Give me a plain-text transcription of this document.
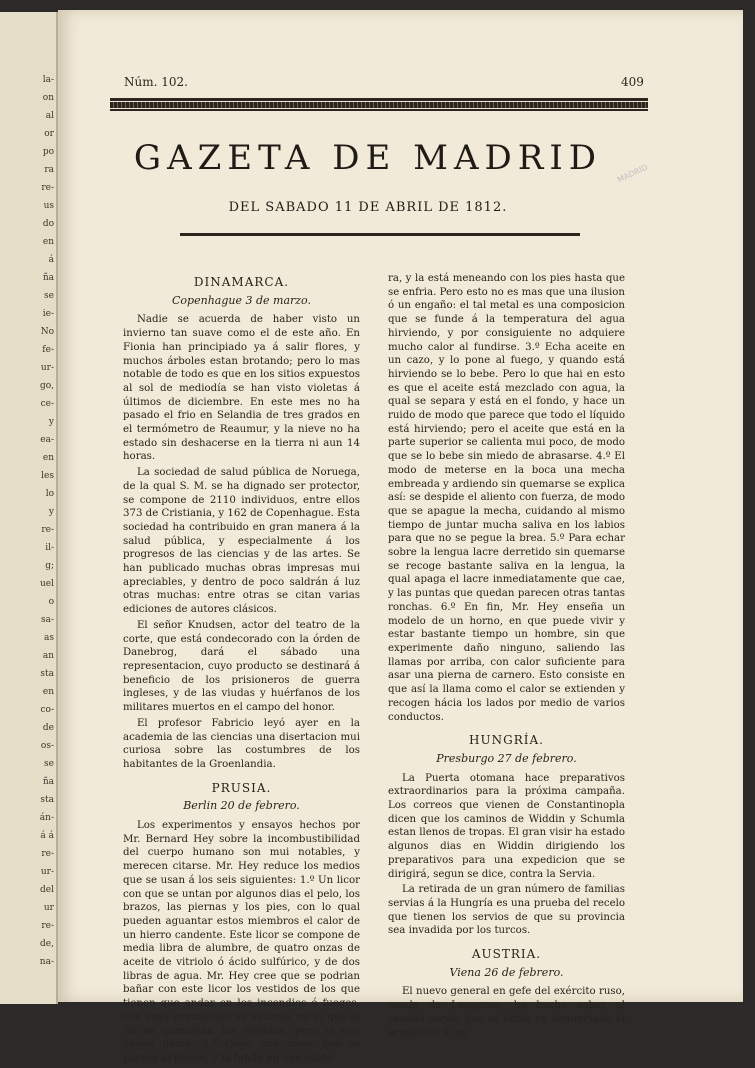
la-
on
al
or
po
ra
re-
us
do
en
á
ña
se
ie-
No
fe-
ur-
go,
ce-
y
ea-
en
les
lo
y
re-
il-
g;
uel
o
sa-
as
an
sta
en
co-
de
os-
se
ña
sta
án-
á á
re-
ur-
del
ur
re-
de,
na-
Núm. 102.	409
GAZETA DE MADRID
DEL SABADO 11 DE ABRIL DE 1812.
MADRID
DINAMARCA.
Copenhague 3 de marzo.

Nadie se acuerda de haber visto un invierno tan suave como el de este año. En Fionia han principiado ya á salir flores, y muchos árboles estan brotando; pero lo mas notable de todo es que en los sitios expuestos al sol de mediodía se han visto violetas á últimos de diciembre. En este mes no ha pasado el frio en Selandia de tres grados en el termómetro de Reaumur, y la nieve no ha estado sin deshacerse en la tierra ni aun 14 horas.

La sociedad de salud pública de Noruega, de la qual S. M. se ha dignado ser protector, se compone de 2110 individuos, entre ellos 373 de Cristiania, y 162 de Copenhague. Esta sociedad ha contribuido en gran manera á la salud pública, y especialmente á los progresos de las ciencias y de las artes. Se han publicado muchas obras impresas mui apreciables, y dentro de poco saldrán á luz otras muchas: entre otras se citan varias ediciones de autores clásicos.

El señor Knudsen, actor del teatro de la corte, que está condecorado con la órden de Danebrog, dará el sábado una representacion, cuyo producto se destinará á beneficio de los prisioneros de guerra ingleses, y de las viudas y huérfanos de los militares muertos en el campo del honor.

El profesor Fabricio leyó ayer en la academia de las ciencias una disertacion mui curiosa sobre las costumbres de los habitantes de la Groenlandia.

PRUSIA.
Berlin 20 de febrero.

Los experimentos y ensayos hechos por Mr. Bernard Hey sobre la incombustibilidad del cuerpo humano son mui notables, y merecen citarse. Mr. Hey reduce los medios que se usan á los seis siguientes: 1.º Un licor con que se untan por algunos dias el pelo, los brazos, las piernas y los pies, con lo qual pueden aguantar estos miembros el calor de un hierro candente. Este licor se compone de media libra de alumbre, de quatro onzas de aceite de vitriolo ó ácido sulfúrico, y de dos libras de agua. Mr. Hey cree que se podrian bañar con este licor los vestidos de los que tienen que andar en los incendios ó fuegos, con cuya precaucion se evitaria, no el que al fin se quemasen los vestidos, pero sí que hagan llama. 2.º Coge una masa que se parece al plomo, y la funde en una calde-

ra, y la está meneando con los pies hasta que se enfria. Pero esto no es mas que una ilusion ó un engaño: el tal metal es una composicion que se funde á la temperatura del agua hirviendo, y por consiguiente no adquiere mucho calor al fundirse. 3.º Echa aceite en un cazo, y lo pone al fuego, y quando está hirviendo se lo bebe. Pero lo que hai en esto es que el aceite está mezclado con agua, la qual se separa y está en el fondo, y hace un ruido de modo que parece que todo el líquido está hirviendo; pero el aceite que está en la parte superior se calienta mui poco, de modo que se lo bebe sin miedo de abrasarse. 4.º El modo de meterse en la boca una mecha embreada y ardiendo sin quemarse se explica así: se despide el aliento con fuerza, de modo que se apague la mecha, cuidando al mismo tiempo de juntar mucha saliva en los labios para que no se pegue la brea. 5.º Para echar sobre la lengua lacre derretido sin quemarse se recoge bastante saliva en la lengua, la qual apaga el lacre inmediatamente que cae, y las puntas que quedan parecen otras tantas ronchas. 6.º En fin, Mr. Hey enseña un modelo de un horno, en que puede vivir y estar bastante tiempo un hombre, sin que experimente daño ninguno, saliendo las llamas por arriba, con calor suficiente para asar una pierna de carnero. Esto consiste en que así la llama como el calor se extienden y recogen hácia los lados por medio de varios conductos.

HUNGRÍA.
Presburgo 27 de febrero.

La Puerta otomana hace preparativos extraordinarios para la próxima campaña. Los correos que vienen de Constantinopla dicen que los caminos de Widdin y Schumla estan llenos de tropas. El gran visir ha estado algunos dias en Widdin dirigiendo los preparativos para una expedicion que se dirigirá, segun se dice, contra la Servia.

La retirada de un gran número de familias servias á la Hungría es una prueba del recelo que tienen los servios de que su provincia sea invadida por los turcos.

AUSTRIA.
Viena 26 de febrero.

El nuevo general en gefe del exército ruso, conde de Langeron, ha hecho saber al senado servio que se habia ya denunciado el armisticio á los
